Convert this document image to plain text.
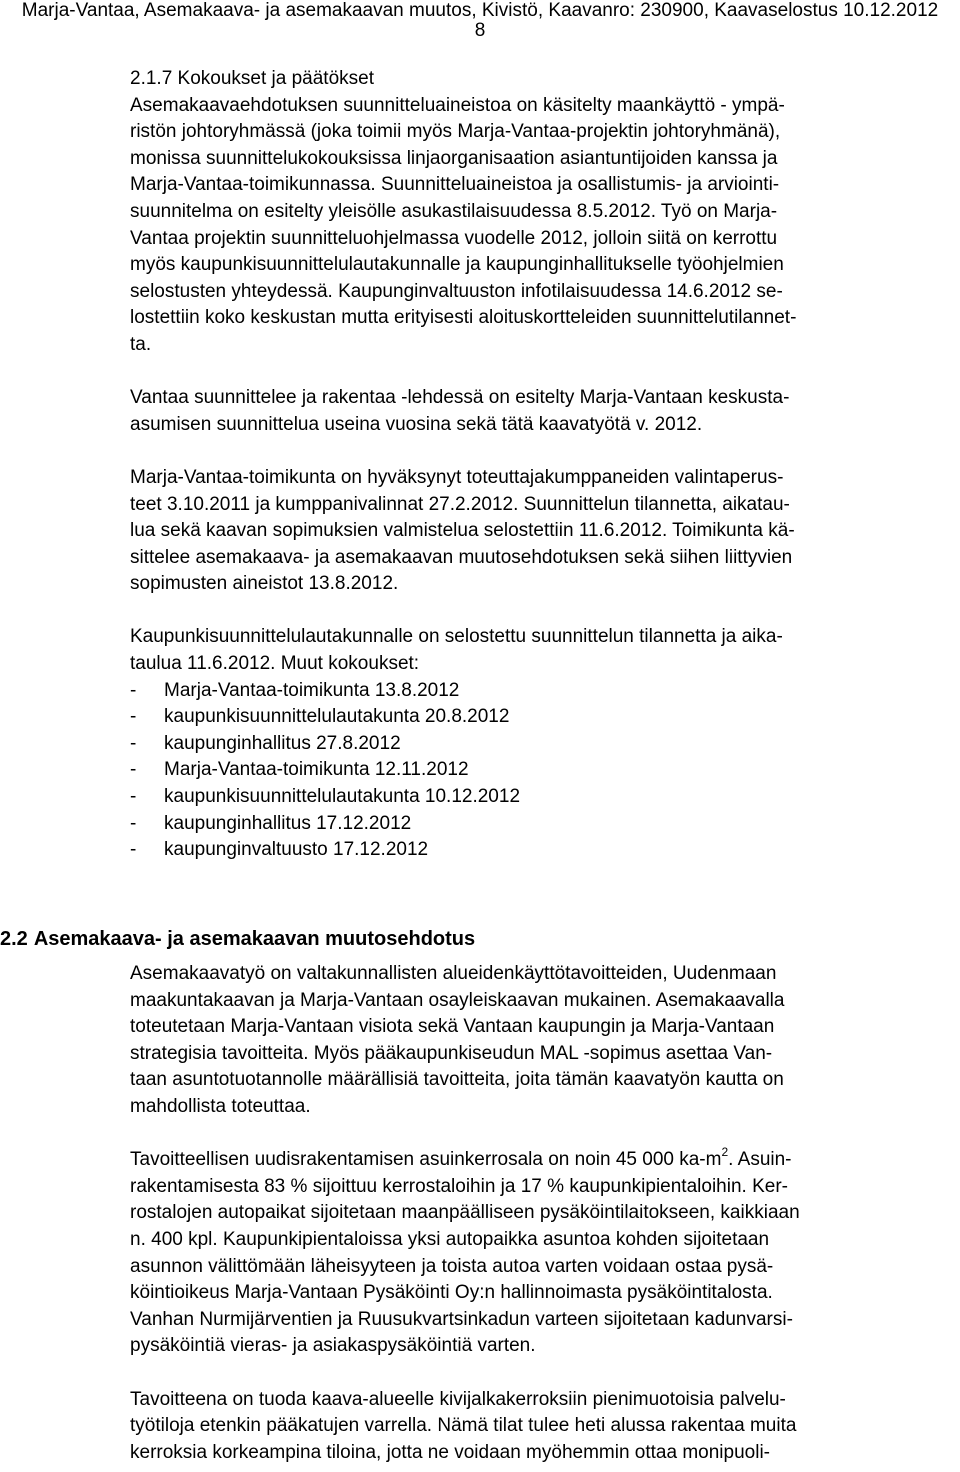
Marja-Vantaa, Asemakaava- ja asemakaavan muutos, Kivistö, Kaavanro: 230900, Kaavaselostus 10.12.2012
8
2.1.7 Kokoukset ja päätökset
Asemakaavaehdotuksen suunnitteluaineistoa on käsitelty maankäyttö - ympä-
ristön johtoryhmässä (joka toimii myös Marja-Vantaa-projektin johtoryhmänä),
monissa suunnittelukokouksissa linjaorganisaation asiantuntijoiden kanssa ja
Marja-Vantaa-toimikunnassa. Suunnitteluaineistoa ja osallistumis- ja arviointi-
suunnitelma on esitelty yleisölle asukastilaisuudessa 8.5.2012. Työ on Marja-
Vantaa projektin suunnitteluohjelmassa vuodelle 2012, jolloin siitä on kerrottu
myös kaupunkisuunnittelulautakunnalle ja kaupunginhallitukselle työohjelmien
selostusten yhteydessä. Kaupunginvaltuuston infotilaisuudessa 14.6.2012 se-
lostettiin koko keskustan mutta erityisesti aloituskortteleiden suunnittelutilannet-
ta.
Vantaa suunnittelee ja rakentaa -lehdessä on esitelty Marja-Vantaan keskusta-
asumisen suunnittelua useina vuosina sekä tätä kaavatyötä v. 2012.
Marja-Vantaa-toimikunta on hyväksynyt toteuttajakumppaneiden valintaperus-
teet 3.10.2011 ja kumppanivalinnat 27.2.2012. Suunnittelun tilannetta, aikatau-
lua sekä kaavan sopimuksien valmistelua selostettiin 11.6.2012. Toimikunta kä-
sittelee asemakaava- ja asemakaavan muutosehdotuksen sekä siihen liittyvien
sopimusten aineistot 13.8.2012.
Kaupunkisuunnittelulautakunnalle on selostettu suunnittelun tilannetta ja aika-
taulua 11.6.2012. Muut kokoukset:
-	Marja-Vantaa-toimikunta 13.8.2012
-	kaupunkisuunnittelulautakunta 20.8.2012
-	kaupunginhallitus 27.8.2012
-	Marja-Vantaa-toimikunta 12.11.2012
-	kaupunkisuunnittelulautakunta 10.12.2012
-	kaupunginhallitus 17.12.2012
-	kaupunginvaltuusto 17.12.2012
2.2 Asemakaava- ja asemakaavan muutosehdotus
Asemakaavatyö on valtakunnallisten alueidenkäyttötavoitteiden, Uudenmaan
maakuntakaavan ja Marja-Vantaan osayleiskaavan mukainen. Asemakaavalla
toteutetaan Marja-Vantaan visiota sekä Vantaan kaupungin ja Marja-Vantaan
strategisia tavoitteita. Myös pääkaupunkiseudun MAL -sopimus asettaa Van-
taan asuntotuotannolle määrällisiä tavoitteita, joita tämän kaavatyön kautta on
mahdollista toteuttaa.
Tavoitteellisen uudisrakentamisen asuinkerrosala on noin 45 000 $ka-m^2$. Asuin-
rakentamisesta 83 % sijoittuu kerrostaloihin ja 17 % kaupunkipientaloihin. Ker-
rostalojen autopaikat sijoitetaan maanpäälliseen pysäköintilaitokseen, kaikkiaan
n. 400 kpl. Kaupunkipientaloissa yksi autopaikka asuntoa kohden sijoitetaan
asunnon välittömään läheisyyteen ja toista autoa varten voidaan ostaa pysä-
köintioikeus Marja-Vantaan Pysäköinti Oy:n hallinnoimasta pysäköintitalosta.
Vanhan Nurmijärventien ja Ruusukvartsinkadun varteen sijoitetaan kadunvarsi-
pysäköintiä vieras- ja asiakaspysäköintiä varten.
Tavoitteena on tuoda kaava-alueelle kivijalkakerroksiin pienimuotoisia palvelu-
työtiloja etenkin pääkatujen varrella. Nämä tilat tulee heti alussa rakentaa muita
kerroksia korkeampina tiloina, jotta ne voidaan myöhemmin ottaa monipuoli-
